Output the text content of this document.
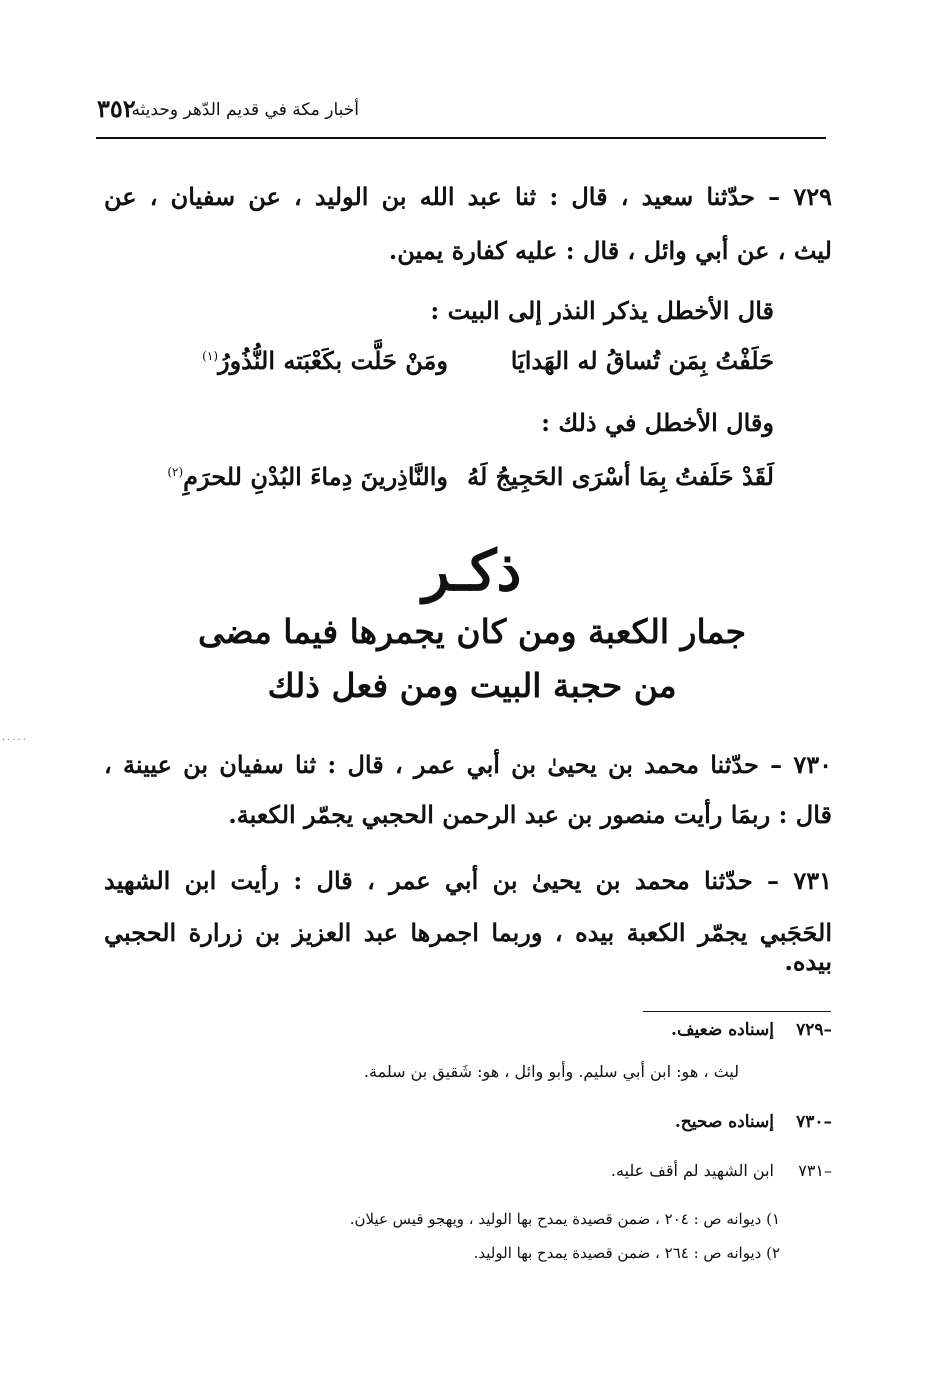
أخبار مكة في قديم الدّهر وحديثه
٣٥٢
٧٢٩ – حدّثنا سعيد ، قال : ثنا عبد الله بن الوليد ، عن سفيان ، عن
ليث ، عن أبي وائل ، قال : عليه كفارة يمين.
قال الأخطل يذكر النذر إلى البيت :
حَلَفْتُ بِمَن تُساقُ له الهَدايَا
ومَنْ حَلَّت بكَعْبَته النُّذُورُ$^{(١)}$
وقال الأخطل في ذلك :
لَقَدْ حَلَفتُ بِمَا أسْرَى الحَجِيجُ لَهُ
والنَّاذِرينَ دِماءَ البُدْنِ للحرَمِ$^{(٢)}$
ذكـر
جمار الكعبة ومن كان يجمرها فيما مضى
من حجبة البيت ومن فعل ذلك
·····
٧٣٠ – حدّثنا محمد بن يحيىٰ بن أبي عمر ، قال : ثنا سفيان بن عيينة ،
قال : ربمَا رأيت منصور بن عبد الرحمن الحجبي يجمّر الكعبة.
٧٣١ – حدّثنا محمد بن يحيىٰ بن أبي عمر ، قال : رأيت ابن الشهيد
الحَجَبي يجمّر الكعبة بيده ، وربما اجمرها عبد العزيز بن زرارة الحجبي بيده.
٧٢٩–
إسناده ضعيف.
ليث ، هو: ابن أبي سليم. وأبو وائل ، هو: شَقيق بن سلمة.
٧٣٠–
إسناده صحيح.
٧٣١–
ابن الشهيد لم أقف عليه.
١) ديوانه ص : ٢٠٤ ، ضمن قصيدة يمدح بها الوليد ، ويهجو قيس عيلان.
٢) ديوانه ص : ٢٦٤ ، ضمن قصيدة يمدح بها الوليد.
